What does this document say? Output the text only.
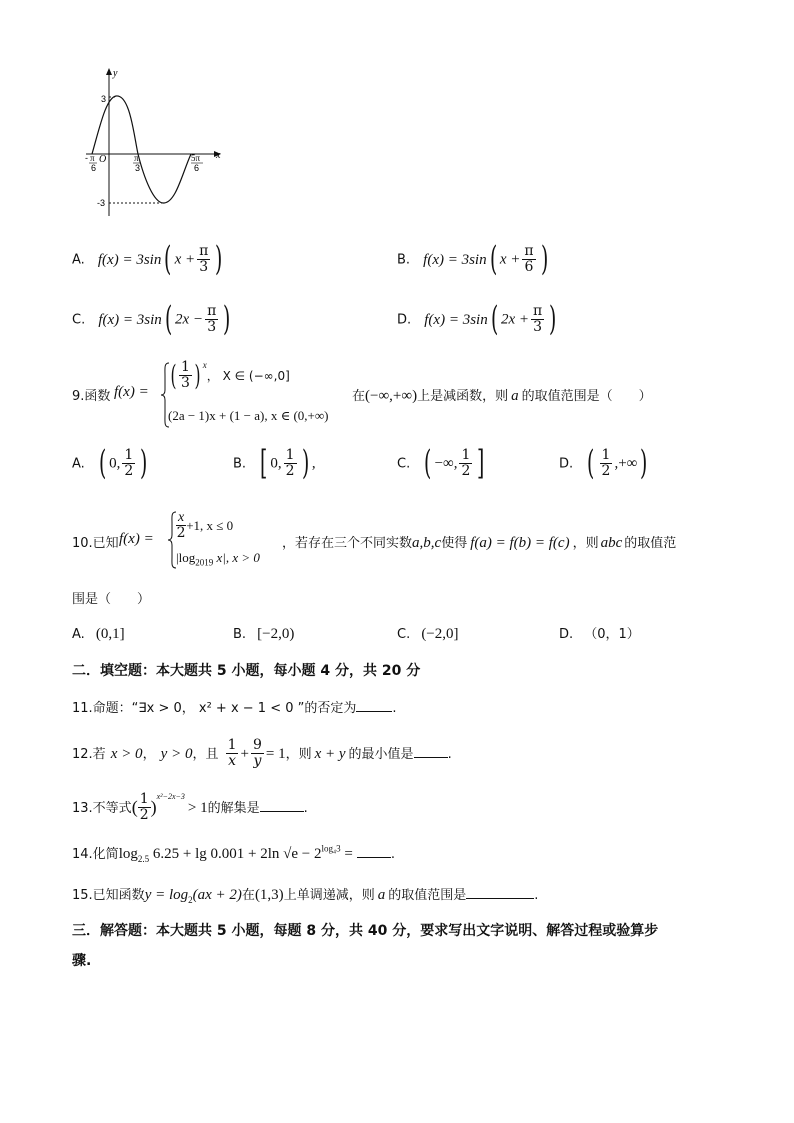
y
x
O
3
-3
- π
6
π
3
5π
6
A. f(x) = 3sin( $x + \frac{\pi}{3}$ )	B. f(x) = 3sin( $x + \frac{\pi}{6}$ )
C. f(x) = 3sin( $2x - \frac{\pi}{3}$ )	D. f(x) = 3sin( $2x + \frac{\pi}{3}$ )
9.函数 f(x) =
( $\frac{1}{3}$ ) $^x$， X ∈ (−∞,0]
(2a − 1)x + (1 − a), x ∈ (0,+∞)
在(−∞,+∞)上是减函数，则 a 的取值范围是（　　）
A. ( 0, $\frac{1}{2}$ )	B. [ 0, $\frac{1}{2}$ ) ,	C. ( −∞, $\frac{1}{2}$ ]	D. ( $\frac{1}{2}$ ,+∞)
10.已知 $f(x) = \frac{x}{2} +1$, x ≤ 0
$|\log_{2019}$ x|, x > 0
，若存在三个不同实数a,b,c使得 f(a) = f(b) = f(c) ，则 abc 的取值范
围是（　　）
A. (0,1]	B. [−2,0)	C. (−2,0]	D. （0，1）
二．填空题：本大题共 5 小题，每小题 4 分，共 20 分
11.命题：“∃x > 0， x² + x − 1 < 0 ”的否定为	.
12.若 x > 0， y > 0，且 $\frac{1}{x} + \frac{9}{y} = 1$，则 x + y 的最小值是	.
13.不等式( $\frac{1}{2} )^{x^2-2x-3}> 1$的解集是	.
14.化简$\log_{2.5} 6.25 + \lg 0.001 + 2\ln$ $√e - 2^{log_43}$ =	.
15.已知函数$y = \log_2(ax + 2)$在(1,3)上单调递减，则 a 的取值范围是	.
三．解答题：本大题共 5 小题，每题 8 分，共 40 分，要求写出文字说明、解答过程或验算步
骤.
